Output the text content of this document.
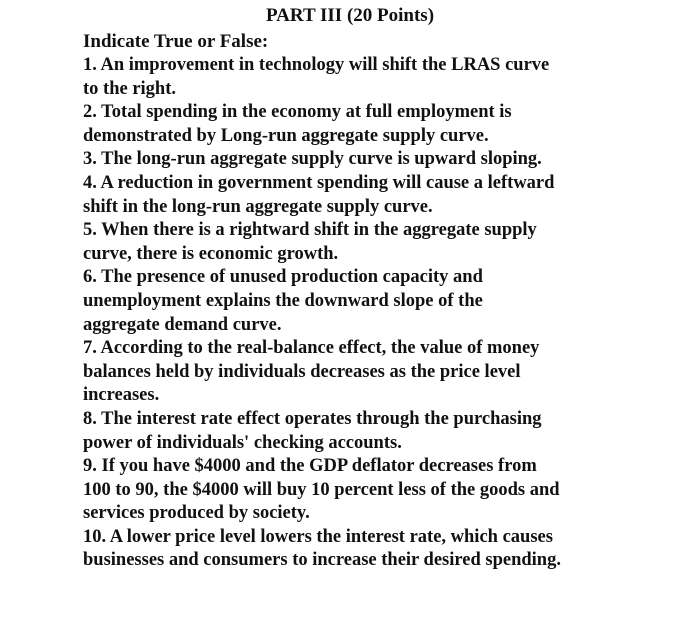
PART III (20 Points)

Indicate True or False:

1. An improvement in technology will shift the LRAS curve
to the right.
2. Total spending in the economy at full employment is
demonstrated by Long-run aggregate supply curve.
3. The long-run aggregate supply curve is upward sloping.
4. A reduction in government spending will cause a leftward
shift in the long-run aggregate supply curve.
5. When there is a rightward shift in the aggregate supply
curve, there is economic growth.
6. The presence of unused production capacity and
unemployment explains the downward slope of the
aggregate demand curve.
7. According to the real-balance effect, the value of money
balances held by individuals decreases as the price level
increases.
8. The interest rate effect operates through the purchasing
power of individuals' checking accounts.
9. If you have $4000 and the GDP deflator decreases from
100 to 90, the $4000 will buy 10 percent less of the goods and
services produced by society.
10. A lower price level lowers the interest rate, which causes
businesses and consumers to increase their desired spending.
